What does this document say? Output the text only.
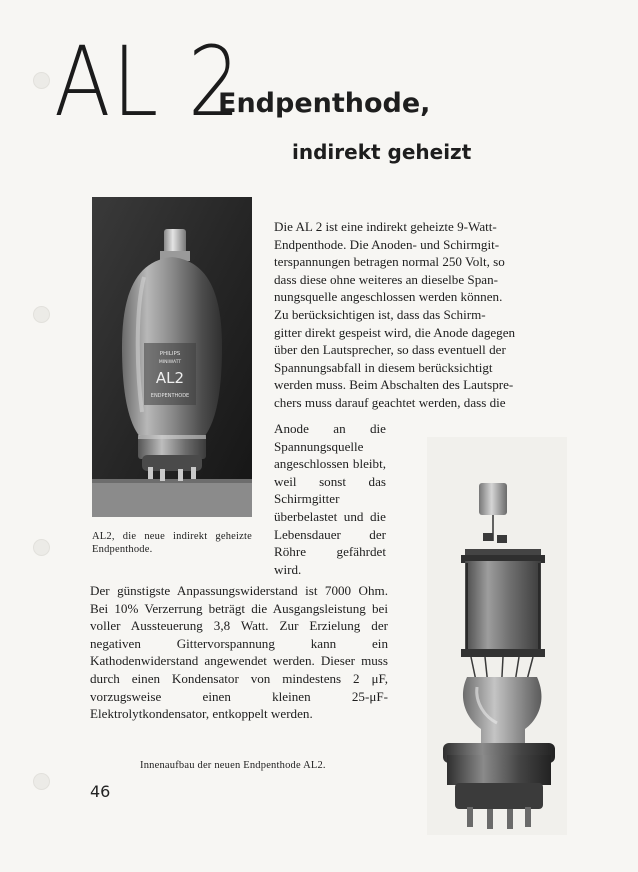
AL 2
Endpenthode,
indirekt geheizt
PHILIPS
MINIWATT
AL2
ENDPENTHODE
AL2, die neue indirekt geheizte Endpenthode.
Die AL 2 ist eine indirekt geheizte 9-Watt-
Endpenthode. Die Anoden- und Schirmgit-
terspannungen betragen normal 250 Volt, so
dass diese ohne weiteres an dieselbe Span-
nungsquelle angeschlossen werden können.
Zu berücksichtigen ist, dass das Schirm-
gitter direkt gespeist wird, die Anode dagegen
über den Lautsprecher, so dass eventuell der
Spannungsabfall in diesem berücksichtigt
werden muss. Beim Abschalten des Lautspre-
chers muss darauf geachtet werden, dass die
Anode an die Spannungsquelle angeschlossen bleibt, weil sonst das Schirmgitter überbelastet und die Lebensdauer der Röhre gefährdet wird.
Der günstigste Anpassungswiderstand ist 7000 Ohm. Bei 10% Verzerrung beträgt die Ausgangsleistung bei voller Aussteuerung 3,8 Watt. Zur Erzielung der negativen Gittervorspannung kann ein Kathodenwiderstand angewendet werden. Dieser muss durch einen Kondensator von mindestens 2 μF, vorzugsweise einen kleinen 25-μF-Elektrolytkondensator, entkoppelt werden.
Innenaufbau der neuen Endpenthode AL2.
46
